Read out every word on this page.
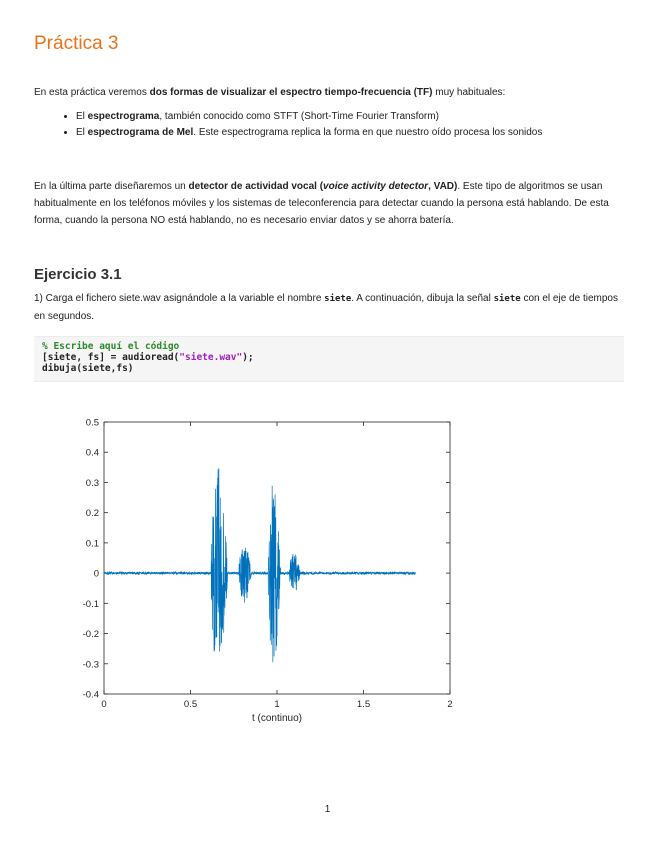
Práctica 3
En esta práctica veremos dos formas de visualizar el espectro tiempo-frecuencia (TF) muy habituales:
• El espectrograma, también conocido como STFT (Short-Time Fourier Transform)
• El espectrograma de Mel. Este espectrograma replica la forma en que nuestro oído procesa los sonidos
En la última parte diseñaremos un detector de actividad vocal (voice activity detector, VAD). Este tipo de algoritmos se usan habitualmente en los teléfonos móviles y los sistemas de teleconferencia para detectar cuando la persona está hablando. De esta forma, cuando la persona NO está hablando, no es necesario enviar datos y se ahorra batería.
Ejercicio 3.1
1) Carga el fichero siete.wav asignándole a la variable el nombre siete. A continuación, dibuja la señal siete con el eje de tiempos en segundos.
% Escribe aquí el código
[siete, fs] = audioread("siete.wav");
dibuja(siete,fs)
-0.4
-0.3
-0.2
-0.1
0
0.1
0.2
0.3
0.4
0.5
0	0.5	1	1.5	2
t (continuo)
1
